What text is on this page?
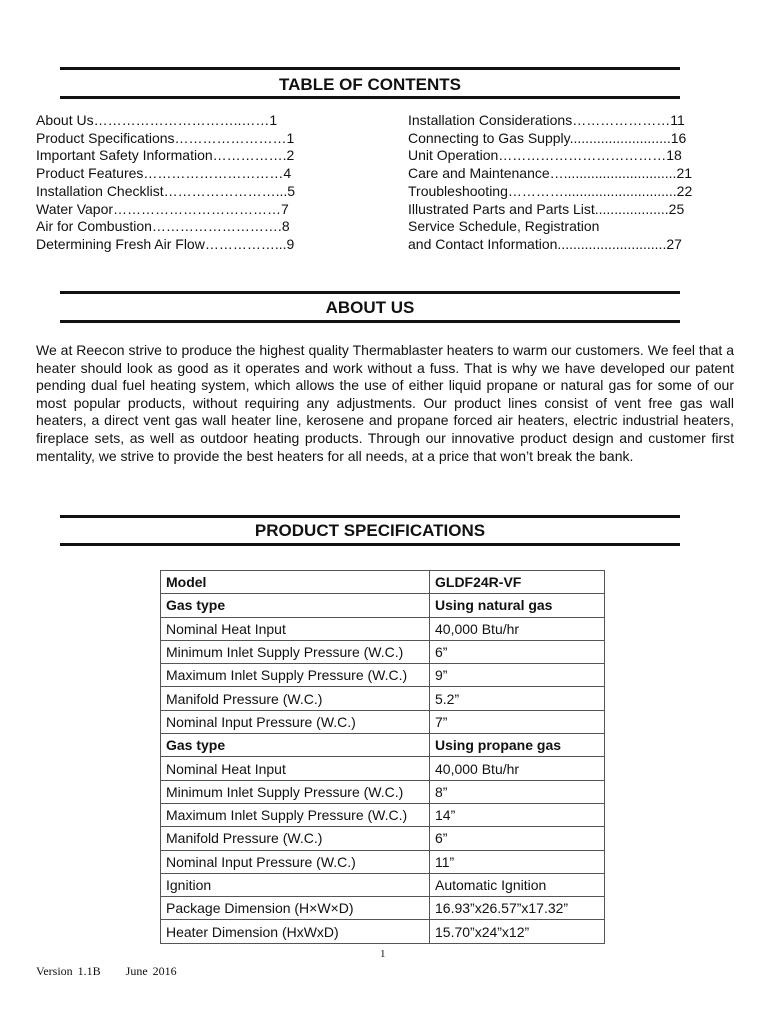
TABLE OF CONTENTS
About Us…………………………..……1
Product Specifications……………………1
Important Safety Information…………….2
Product Features…………………………4
Installation Checklist……………………...5
Water Vapor………………………………7
Air for Combustion……………………….8
Determining Fresh Air Flow……………...9
Installation Considerations…………………11
Connecting to Gas Supply..........................16
Unit Operation………………………………18
Care and Maintenance….............................21
Troubleshooting………….............................22
Illustrated Parts and Parts List...................25
Service Schedule, Registration
and Contact Information............................27
ABOUT US
We at Reecon strive to produce the highest quality Thermablaster heaters to warm our customers. We feel that a heater should look as good as it operates and work without a fuss. That is why we have developed our patent pending dual fuel heating system, which allows the use of either liquid propane or natural gas for some of our most popular products, without requiring any adjustments. Our product lines consist of vent free gas wall heaters, a direct vent gas wall heater line, kerosene and propane forced air heaters, electric industrial heaters, fireplace sets, as well as outdoor heating products. Through our innovative product design and customer first mentality, we strive to provide the best heaters for all needs, at a price that won’t break the bank.
PRODUCT SPECIFICATIONS
Model	GLDF24R-VF
Gas type	Using natural gas
Nominal Heat Input	40,000 Btu/hr
Minimum Inlet Supply Pressure (W.C.)	6”
Maximum Inlet Supply Pressure (W.C.)	9”
Manifold Pressure (W.C.)	5.2”
Nominal Input Pressure (W.C.)	7”
Gas type	Using propane gas
Nominal Heat Input	40,000 Btu/hr
Minimum Inlet Supply Pressure (W.C.)	8”
Maximum Inlet Supply Pressure (W.C.)	14”
Manifold Pressure (W.C.)	6”
Nominal Input Pressure (W.C.)	11”
Ignition	Automatic Ignition
Package Dimension (H×W×D)	16.93”x26.57”x17.32”
Heater Dimension (HxWxD)	15.70”x24”x12”
1
Version 1.1B June 2016
